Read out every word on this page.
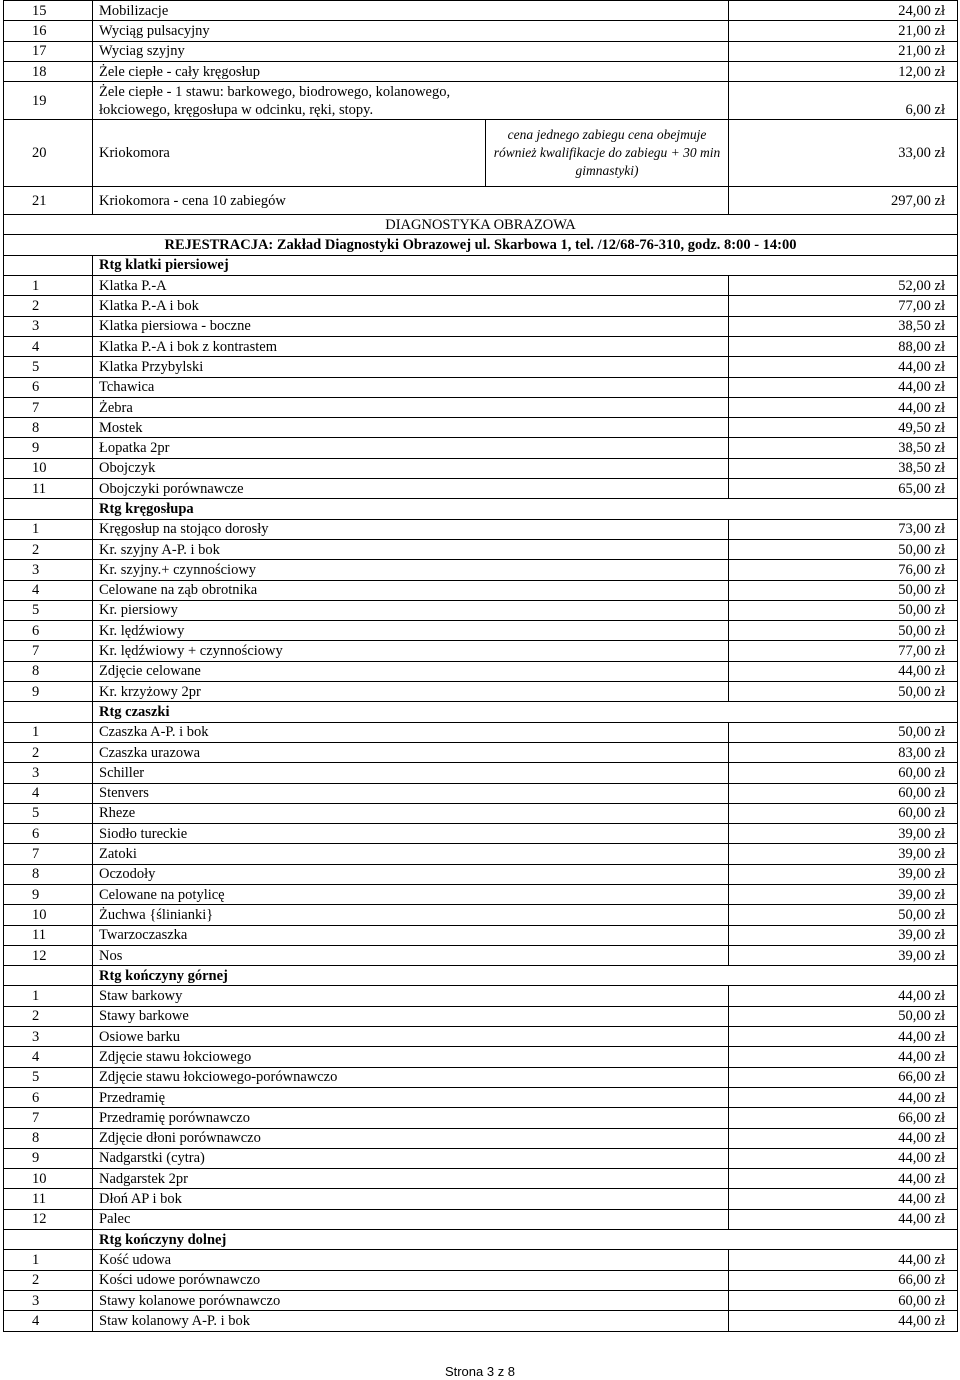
15	Mobilizacje		24,00 zł
16	Wyciąg pulsacyjny		21,00 zł
17	Wyciag szyjny		21,00 zł
18	Żele ciepłe - cały kręgosłup		12,00 zł
19	Żele ciepłe - 1 stawu: barkowego, biodrowego, kolanowego,
łokciowego, kręgosłupa w odcinku, ręki, stopy.		6,00 zł
20	Kriokomora	cena jednego zabiegu cena obejmuje również kwalifikacje do zabiegu + 30 min gimnastyki)	33,00 zł
21	Kriokomora - cena 10 zabiegów		297,00 zł
DIAGNOSTYKA OBRAZOWA			
REJESTRACJA: Zakład Diagnostyki Obrazowej ul. Skarbowa 1, tel. /12/68-76-310, godz. 8:00 - 14:00			
	Rtg klatki piersiowej		
1	Klatka P.-A		52,00 zł
2	Klatka P.-A i bok		77,00 zł
3	Klatka piersiowa - boczne		38,50 zł
4	Klatka P.-A i bok z kontrastem		88,00 zł
5	Klatka Przybylski		44,00 zł
6	Tchawica		44,00 zł
7	Żebra		44,00 zł
8	Mostek		49,50 zł
9	Łopatka 2pr		38,50 zł
10	Obojczyk		38,50 zł
11	Obojczyki porównawcze		65,00 zł
	Rtg kręgosłupa		
1	Kręgosłup na stojąco dorosły		73,00 zł
2	Kr. szyjny A-P. i bok		50,00 zł
3	Kr. szyjny.+ czynnościowy		76,00 zł
4	Celowane na ząb obrotnika		50,00 zł
5	Kr. piersiowy		50,00 zł
6	Kr. lędźwiowy		50,00 zł
7	Kr. lędźwiowy + czynnościowy		77,00 zł
8	Zdjęcie celowane		44,00 zł
9	Kr. krzyżowy 2pr		50,00 zł
	Rtg czaszki		
1	Czaszka A-P. i bok		50,00 zł
2	Czaszka urazowa		83,00 zł
3	Schiller		60,00 zł
4	Stenvers		60,00 zł
5	Rheze		60,00 zł
6	Siodło tureckie		39,00 zł
7	Zatoki		39,00 zł
8	Oczodoły		39,00 zł
9	Celowane na potylicę		39,00 zł
10	Żuchwa {ślinianki}		50,00 zł
11	Twarzoczaszka		39,00 zł
12	Nos		39,00 zł
	Rtg kończyny górnej		
1	Staw barkowy		44,00 zł
2	Stawy barkowe		50,00 zł
3	Osiowe barku		44,00 zł
4	Zdjęcie stawu łokciowego		44,00 zł
5	Zdjęcie stawu łokciowego-porównawczo		66,00 zł
6	Przedramię		44,00 zł
7	Przedramię porównawczo		66,00 zł
8	Zdjęcie dłoni porównawczo		44,00 zł
9	Nadgarstki (cytra)		44,00 zł
10	Nadgarstek 2pr		44,00 zł
11	Dłoń AP i bok		44,00 zł
12	Palec		44,00 zł
	Rtg kończyny dolnej		
1	Kość udowa		44,00 zł
2	Kości udowe porównawczo		66,00 zł
3	Stawy kolanowe porównawczo		60,00 zł
4	Staw kolanowy A-P. i bok		44,00 zł
Strona 3 z 8
